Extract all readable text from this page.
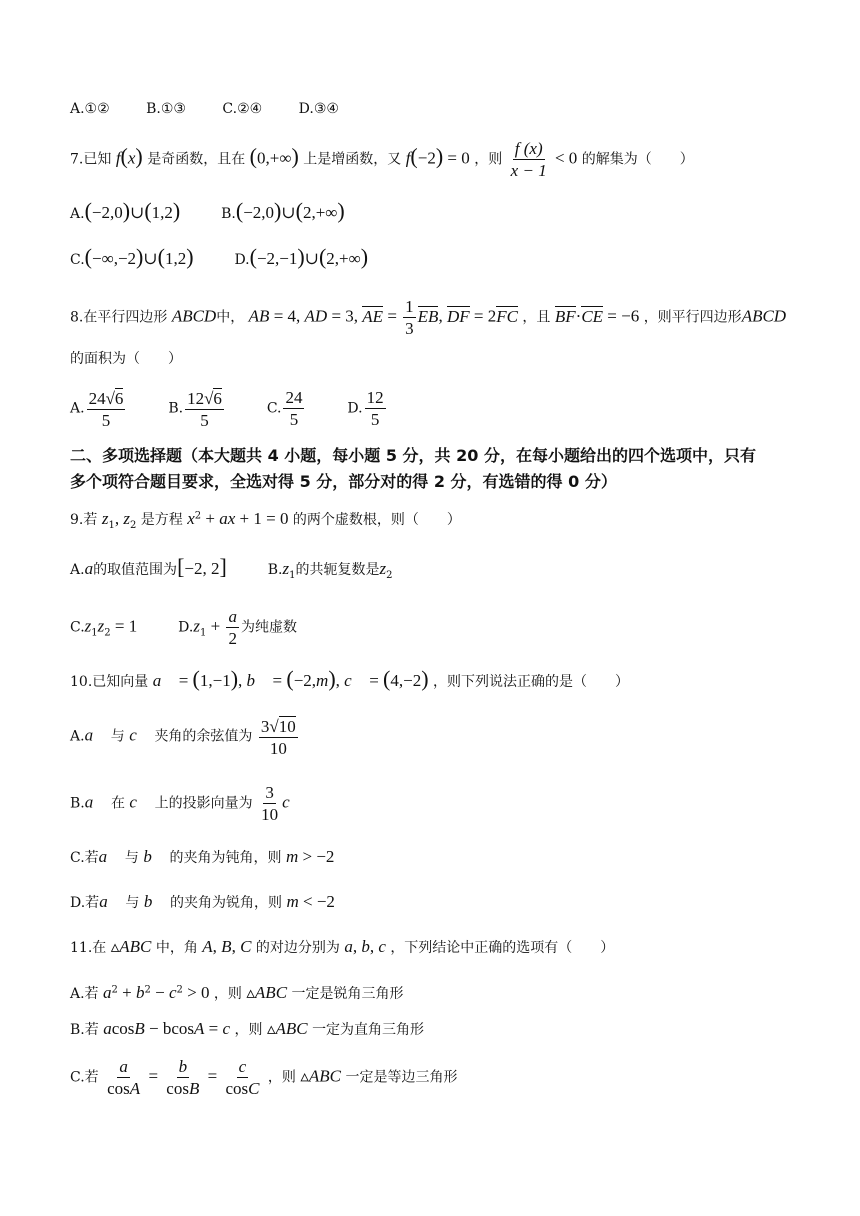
A.①②	B.①③	C.②④	D.③④
7.已知 f(x) 是奇函数，且在 (0,+∞) 上是增函数，又 f(−2) = 0 ，则 $\frac{f (x)}{x - 1} < 0$ 的解集为（　　）
A.(−2,0)∪(1,2)	B.(−2,0)∪(2,+∞)
C.(−∞,−2)∪(1,2)	D.(−2,−1)∪(2,+∞)
8.在平行四边形 ABCD中， AB = 4, AD = 3, AE = $\frac{1}{3}$ EB, DF = 2FC ，且 BF·CE = −6 ，则平行四边形ABCD
的面积为（　　）
A. $\frac{24√6}{5}$	B. $\frac{12√6}{5}$	C. $\frac{24}{5}$	D. $\frac{12}{5}$
二、多项选择题（本大题共 4 小题，每小题 5 分，共 20 分，在每小题给出的四个选项中，只有
多个项符合题目要求，全选对得 5 分，部分对的得 2 分，有选错的得 0 分）
9.若 $z_1$, $z_2$ 是方程 $x^2$ + ax + 1 = 0 的两个虚数根，则（　　）
A.a的取值范围为[−2, 2]	$B.z_1$的共轭复数是$z_2$
$C.z_1z_2 = 1$	$D.z_1 + \frac{a}{2}$ 为纯虚数
10.已知向量 a⃗ = (1,−1), b⃗ = (−2,m), c⃗ = (4,−2) ，则下列说法正确的是（　　）
A.a⃗ 与 c⃗ 夹角的余弦值为 $\frac{3√10}{10}$
B.a⃗ 在 c⃗ 上的投影向量为 $\frac{3}{10}$ c⃗
C.若a⃗ 与 b⃗ 的夹角为钝角，则 m > −2
D.若a⃗ 与 b⃗ 的夹角为锐角，则 m < −2
11.在 ▵ABC 中，角 A, B, C 的对边分别为 a, b, c ，下列结论中正确的选项有（　　）
A.若 $a^2 + b^2 - c^2 > 0$ ，则 ▵ABC 一定是锐角三角形
B.若 acosB − bcosA = c ，则 ▵ABC 一定为直角三角形
C.若 $\frac{a}{\cos A} = \frac{b}{\cos B} = \frac{c}{\cos C}$ ，则 ▵ABC 一定是等边三角形
